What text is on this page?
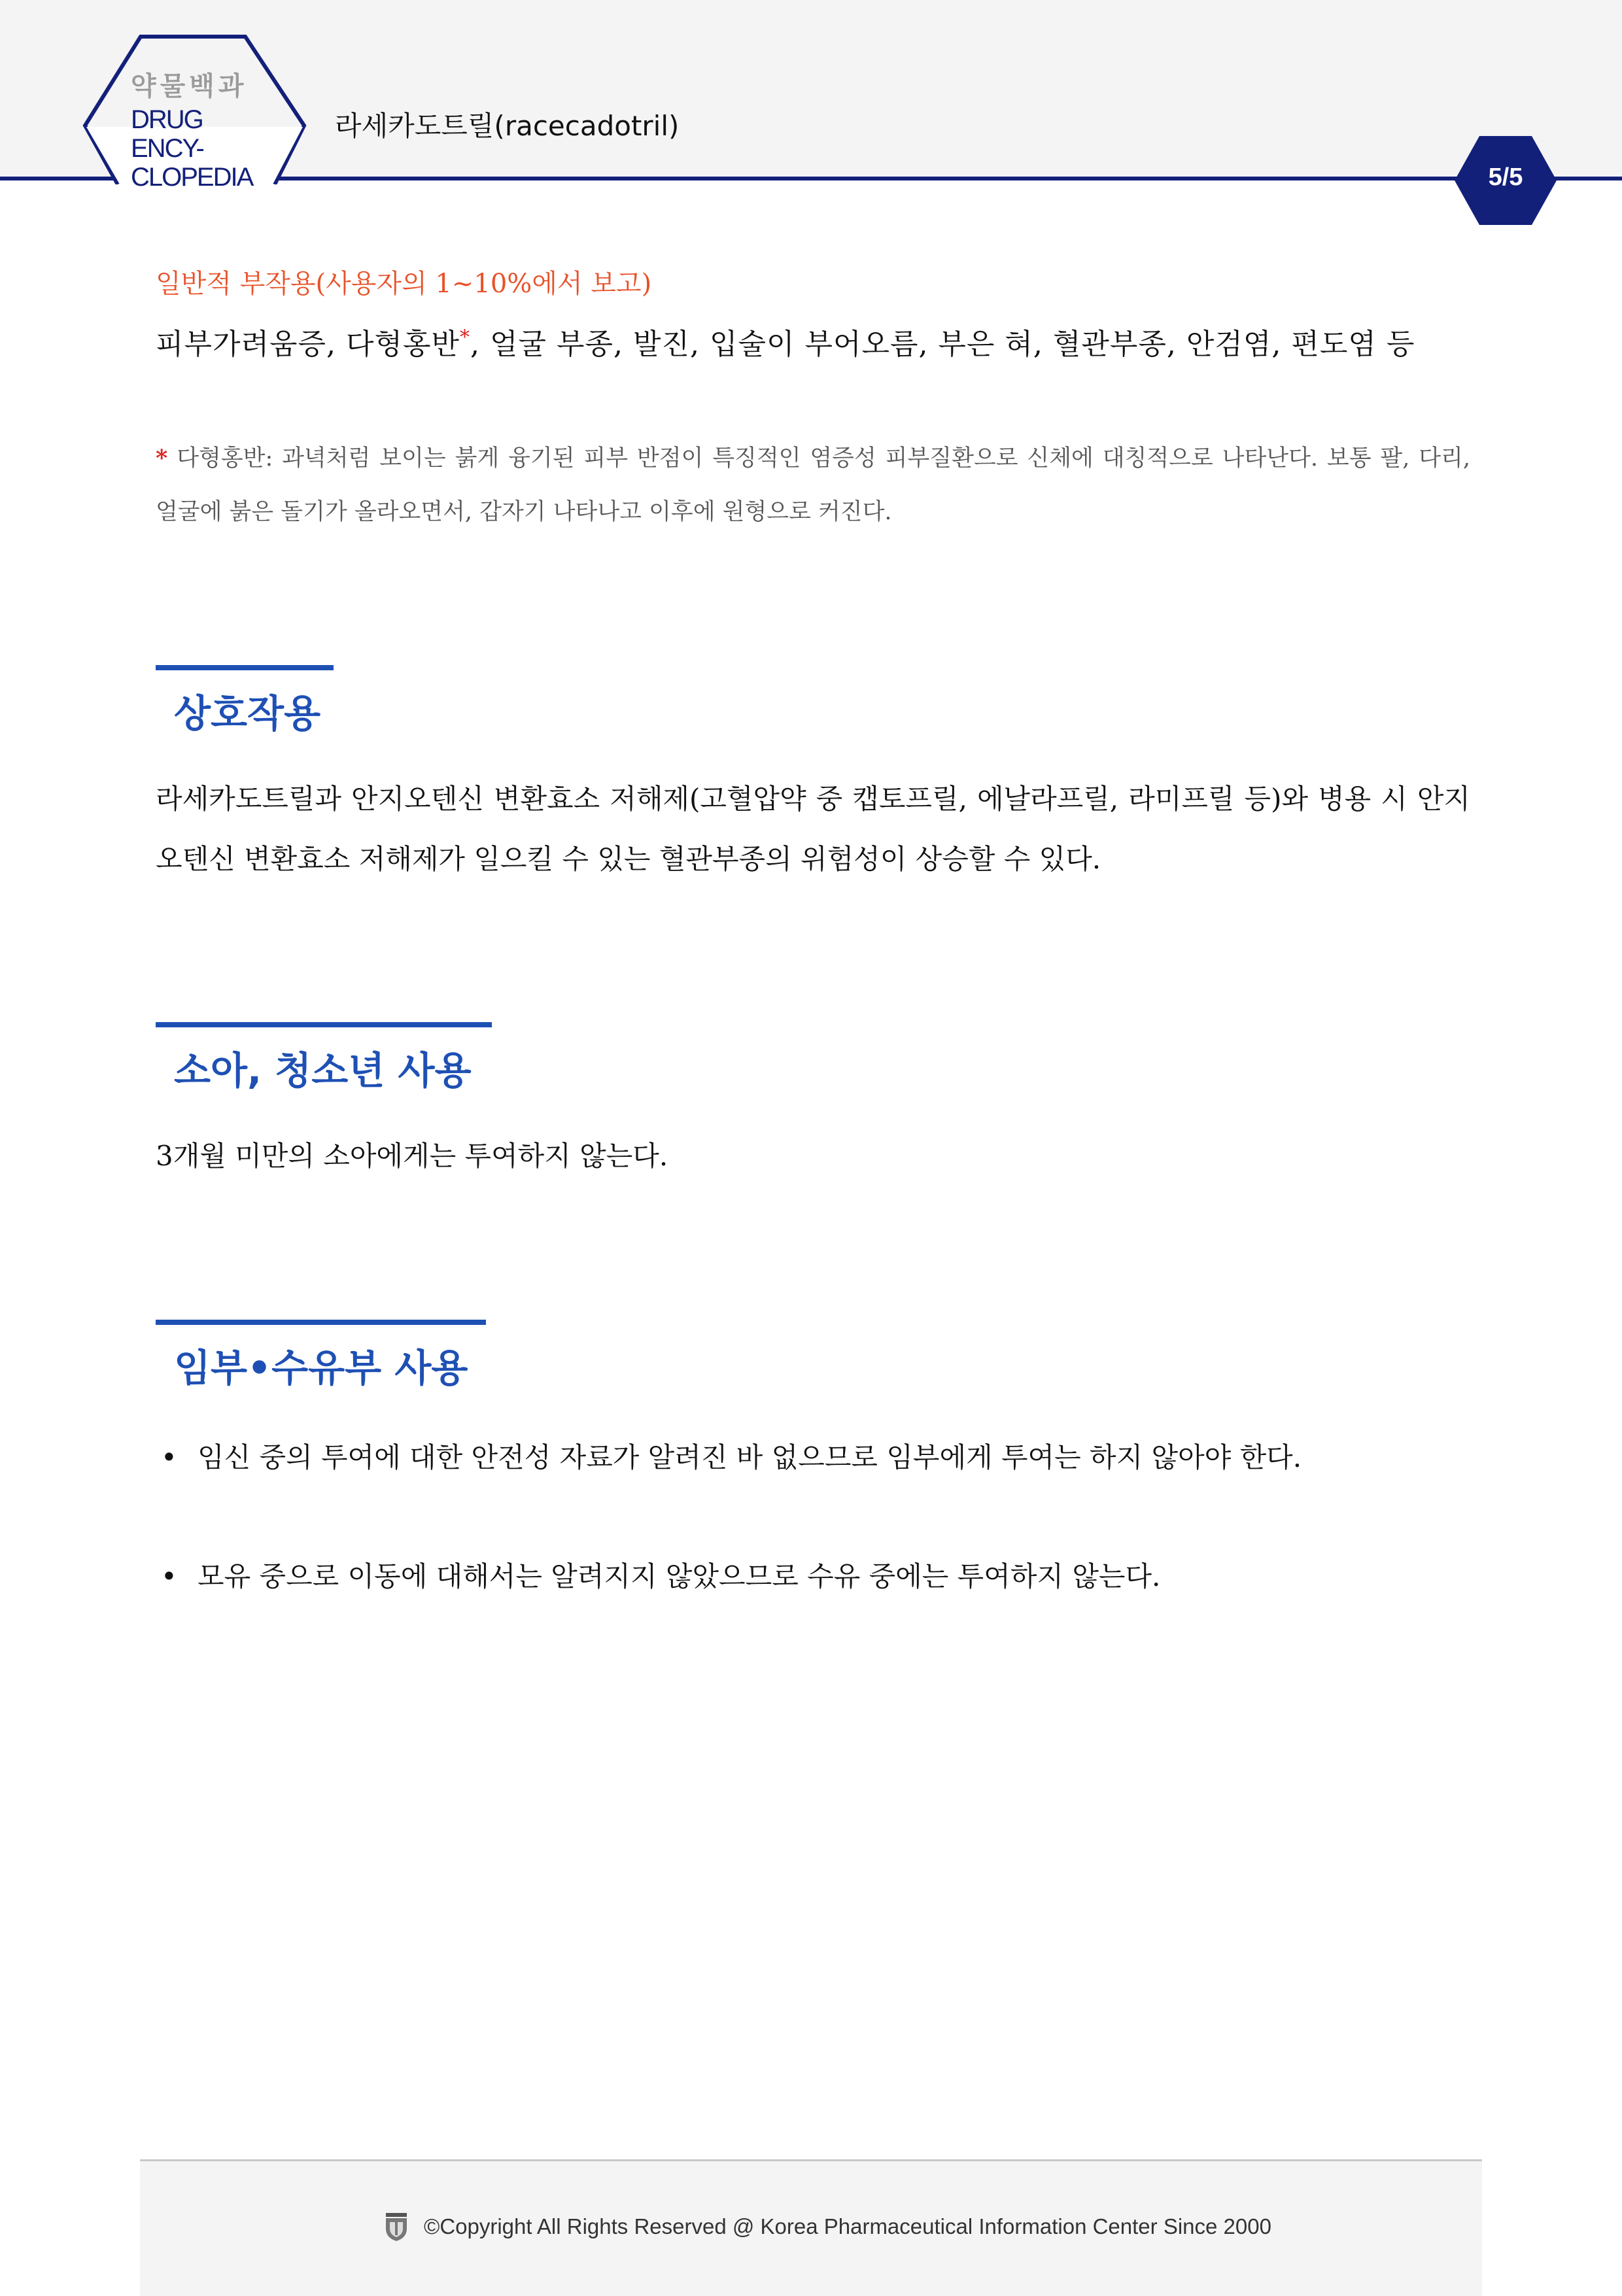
약물백과
DRUG ENCY-
CLOPEDIA
라세카도트릴(racecadotril)
5/5
일반적 부작용(사용자의 1~10%에서 보고)
피부가려움증, 다형홍반*, 얼굴 부종, 발진, 입술이 부어오름, 부은 혀, 혈관부종, 안검염, 편도염 등
* 다형홍반: 과녁처럼 보이는 붉게 융기된 피부 반점이 특징적인 염증성 피부질환으로 신체에 대칭적으로 나타난다. 보통 팔, 다리, 얼굴에 붉은 돌기가 올라오면서, 갑자기 나타나고 이후에 원형으로 커진다.
상호작용
라세카도트릴과 안지오텐신 변환효소 저해제(고혈압약 중 캡토프릴, 에날라프릴, 라미프릴 등)와 병용 시 안지오텐신 변환효소 저해제가 일으킬 수 있는 혈관부종의 위험성이 상승할 수 있다.
소아, 청소년 사용
3개월 미만의 소아에게는 투여하지 않는다.
임부•수유부 사용
• 임신 중의 투여에 대한 안전성 자료가 알려진 바 없으므로 임부에게 투여는 하지 않아야 한다.
• 모유 중으로 이동에 대해서는 알려지지 않았으므로 수유 중에는 투여하지 않는다.
©Copyright All Rights Reserved @ Korea Pharmaceutical Information Center Since 2000
